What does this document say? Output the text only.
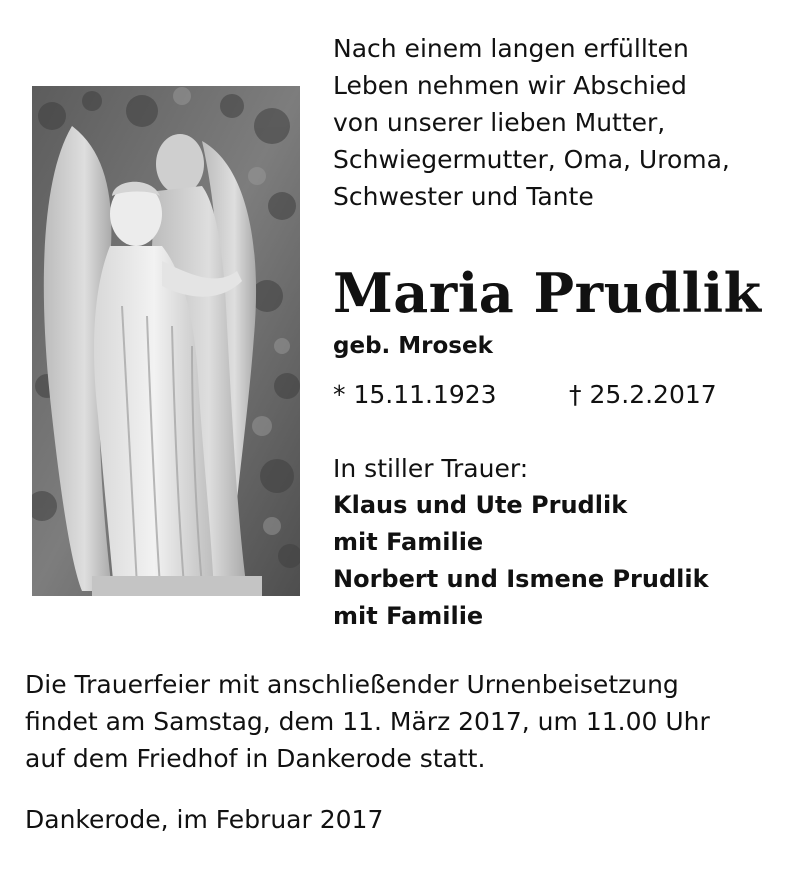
Nach einem langen erfüllten
Leben nehmen wir Abschied
von unserer lieben Mutter,
Schwiegermutter, Oma, Uroma,
Schwester und Tante
Maria Prudlik
geb. Mrosek
* 15.11.1923	† 25.2.2017
In stiller Trauer:
Klaus und Ute Prudlik
mit Familie
Norbert und Ismene Prudlik
mit Familie
Die Trauerfeier mit anschließender Urnenbeisetzung
findet am Samstag, dem 11. März 2017, um 11.00 Uhr
auf dem Friedhof in Dankerode statt.
Dankerode, im Februar 2017
